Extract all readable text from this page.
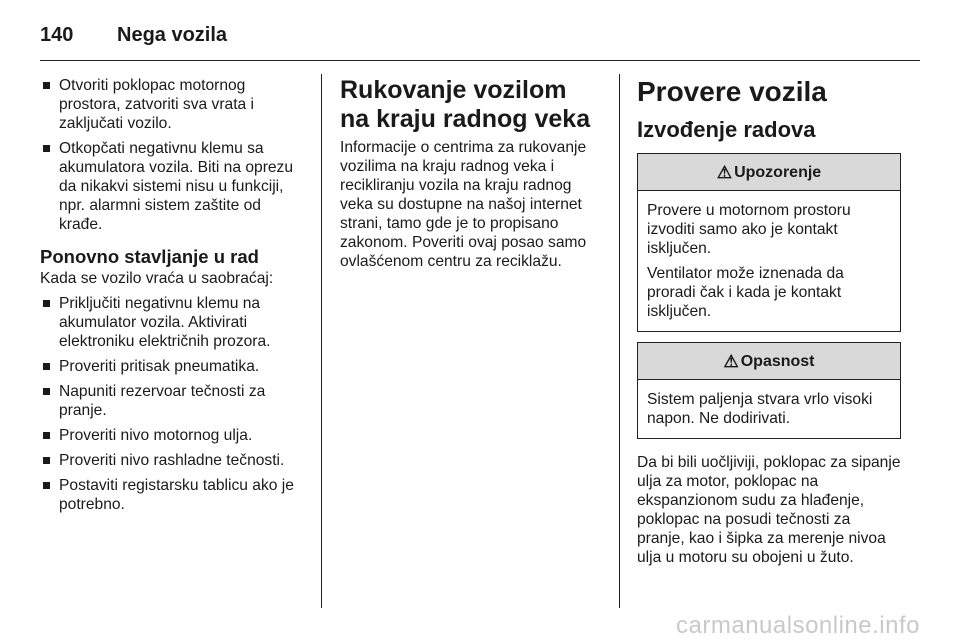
140	Nega vozila
Otvoriti poklopac motornog prostora, zatvoriti sva vrata i zaključati vozilo.
Otkopčati negativnu klemu sa akumulatora vozila. Biti na oprezu da nikakvi sistemi nisu u funkciji, npr. alarmni sistem zaštite od krađe.
Ponovno stavljanje u rad

Kada se vozilo vraća u saobraćaj:

Priključiti negativnu klemu na akumulator vozila. Aktivirati elektroniku električnih prozora.
Proveriti pritisak pneumatika.
Napuniti rezervoar tečnosti za pranje.
Proveriti nivo motornog ulja.
Proveriti nivo rashladne tečnosti.
Postaviti registarsku tablicu ako je potrebno.
Rukovanje vozilom na kraju radnog veka

Informacije o centrima za rukovanje vozilima na kraju radnog veka i recikliranju vozila na kraju radnog veka su dostupne na našoj internet strani, tamo gde je to propisano zakonom. Poveriti ovaj posao samo ovlašćenom centru za reciklažu.

Provere vozila
Izvođenje radova
⚠ Upozorenje

Provere u motornom prostoru izvoditi samo ako je kontakt isključen.

Ventilator može iznenada da proradi čak i kada je kontakt isključen.

⚠ Opasnost

Sistem paljenja stvara vrlo visoki napon. Ne dodirivati.

Da bi bili uočljiviji, poklopac za sipanje ulja za motor, poklopac na ekspanzionom sudu za hlađenje, poklopac na posudi tečnosti za pranje, kao i šipka za merenje nivoa ulja u motoru su obojeni u žuto.

carmanualsonline.info
